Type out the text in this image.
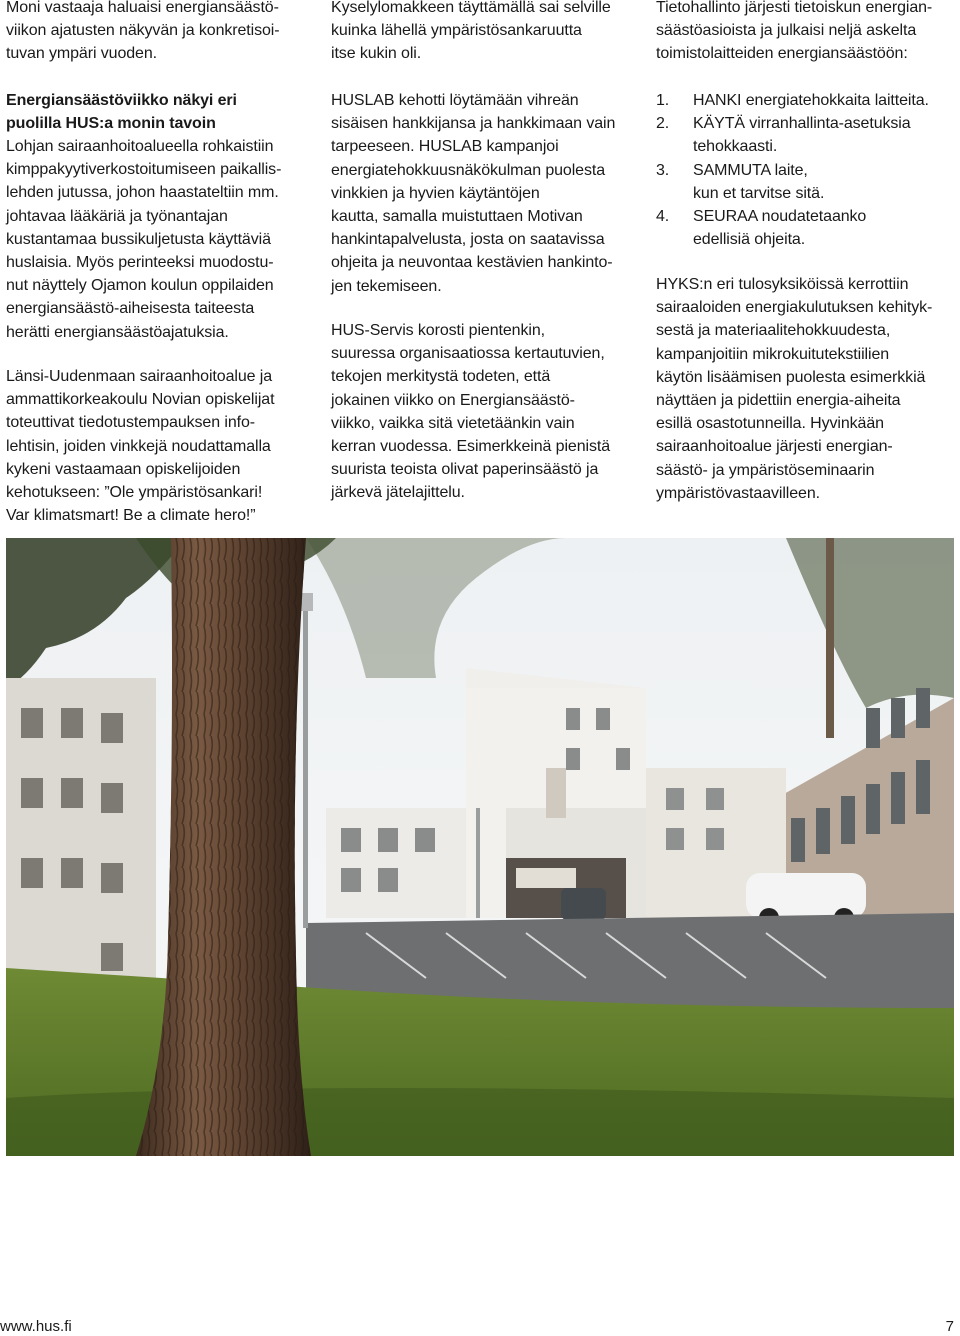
Moni vastaaja haluaisi energiansäästö-
viikon ajatusten näkyvän ja konkretisoi-
tuvan ympäri vuoden.

Energiansäästöviikko näkyi eri
puolilla HUS:a monin tavoin

Lohjan sairaanhoitoalueella rohkaistiin
kimppakyytiverkostoitumiseen paikallis-
lehden jutussa, johon haastateltiin mm.
johtavaa lääkäriä ja työnantajan
kustantamaa bussikuljetusta käyttäviä
huslaisia. Myös perinteeksi muodostu-
nut näyttely Ojamon koulun oppilaiden
energiansäästö-aiheisesta taiteesta
herätti energiansäästöajatuksia.

Länsi-Uudenmaan sairaanhoitoalue ja
ammattikorkeakoulu Novian opiskelijat
toteuttivat tiedotustempauksen info-
lehtisin, joiden vinkkejä noudattamalla
kykeni vastaamaan opiskelijoiden
kehotukseen: ”Ole ympäristösankari!
Var klimatsmart! Be a climate hero!”

Kyselylomakkeen täyttämällä sai selville
kuinka lähellä ympäristösankaruutta
itse kukin oli.

HUSLAB kehotti löytämään vihreän
sisäisen hankkijansa ja hankkimaan vain
tarpeeseen. HUSLAB kampanjoi
energiatehokkuusnäkökulman puolesta
vinkkien ja hyvien käytäntöjen
kautta, samalla muistuttaen Motivan
hankintapalvelusta, josta on saatavissa
ohjeita ja neuvontaa kestävien hankinto-
jen tekemiseen.

HUS-Servis korosti pientenkin,
suuressa organisaatiossa kertautuvien,
tekojen merkitystä todeten, että
jokainen viikko on Energiansäästö-
viikko, vaikka sitä vietetäänkin vain
kerran vuodessa. Esimerkkeinä pienistä
suurista teoista olivat paperinsäästö ja
järkevä jätelajittelu.

Tietohallinto järjesti tietoiskun energian-
säästöasioista ja julkaisi neljä askelta
toimistolaitteiden energiansäästöön:

1.	HANKI energiatehokkaita laitteita.
2.	KÄYTÄ virranhallinta-asetuksia
tehokkaasti.
3.	SAMMUTA laite,
kun et tarvitse sitä.
4.	SEURAA noudatetaanko
edellisiä ohjeita.

HYKS:n eri tulosyksiköissä kerrottiin
sairaaloiden energiakulutuksen kehityk-
sestä ja materiaalitehokkuudesta,
kampanjoitiin mikrokuitutekstiilien
käytön lisäämisen puolesta esimerkkiä
näyttäen ja pidettiin energia-aiheita
esillä osastotunneilla. Hyvinkään
sairaanhoitoalue järjesti energian-
säästö- ja ympäristöseminaarin
ympäristövastaavilleen.

www.hus.fi	7
